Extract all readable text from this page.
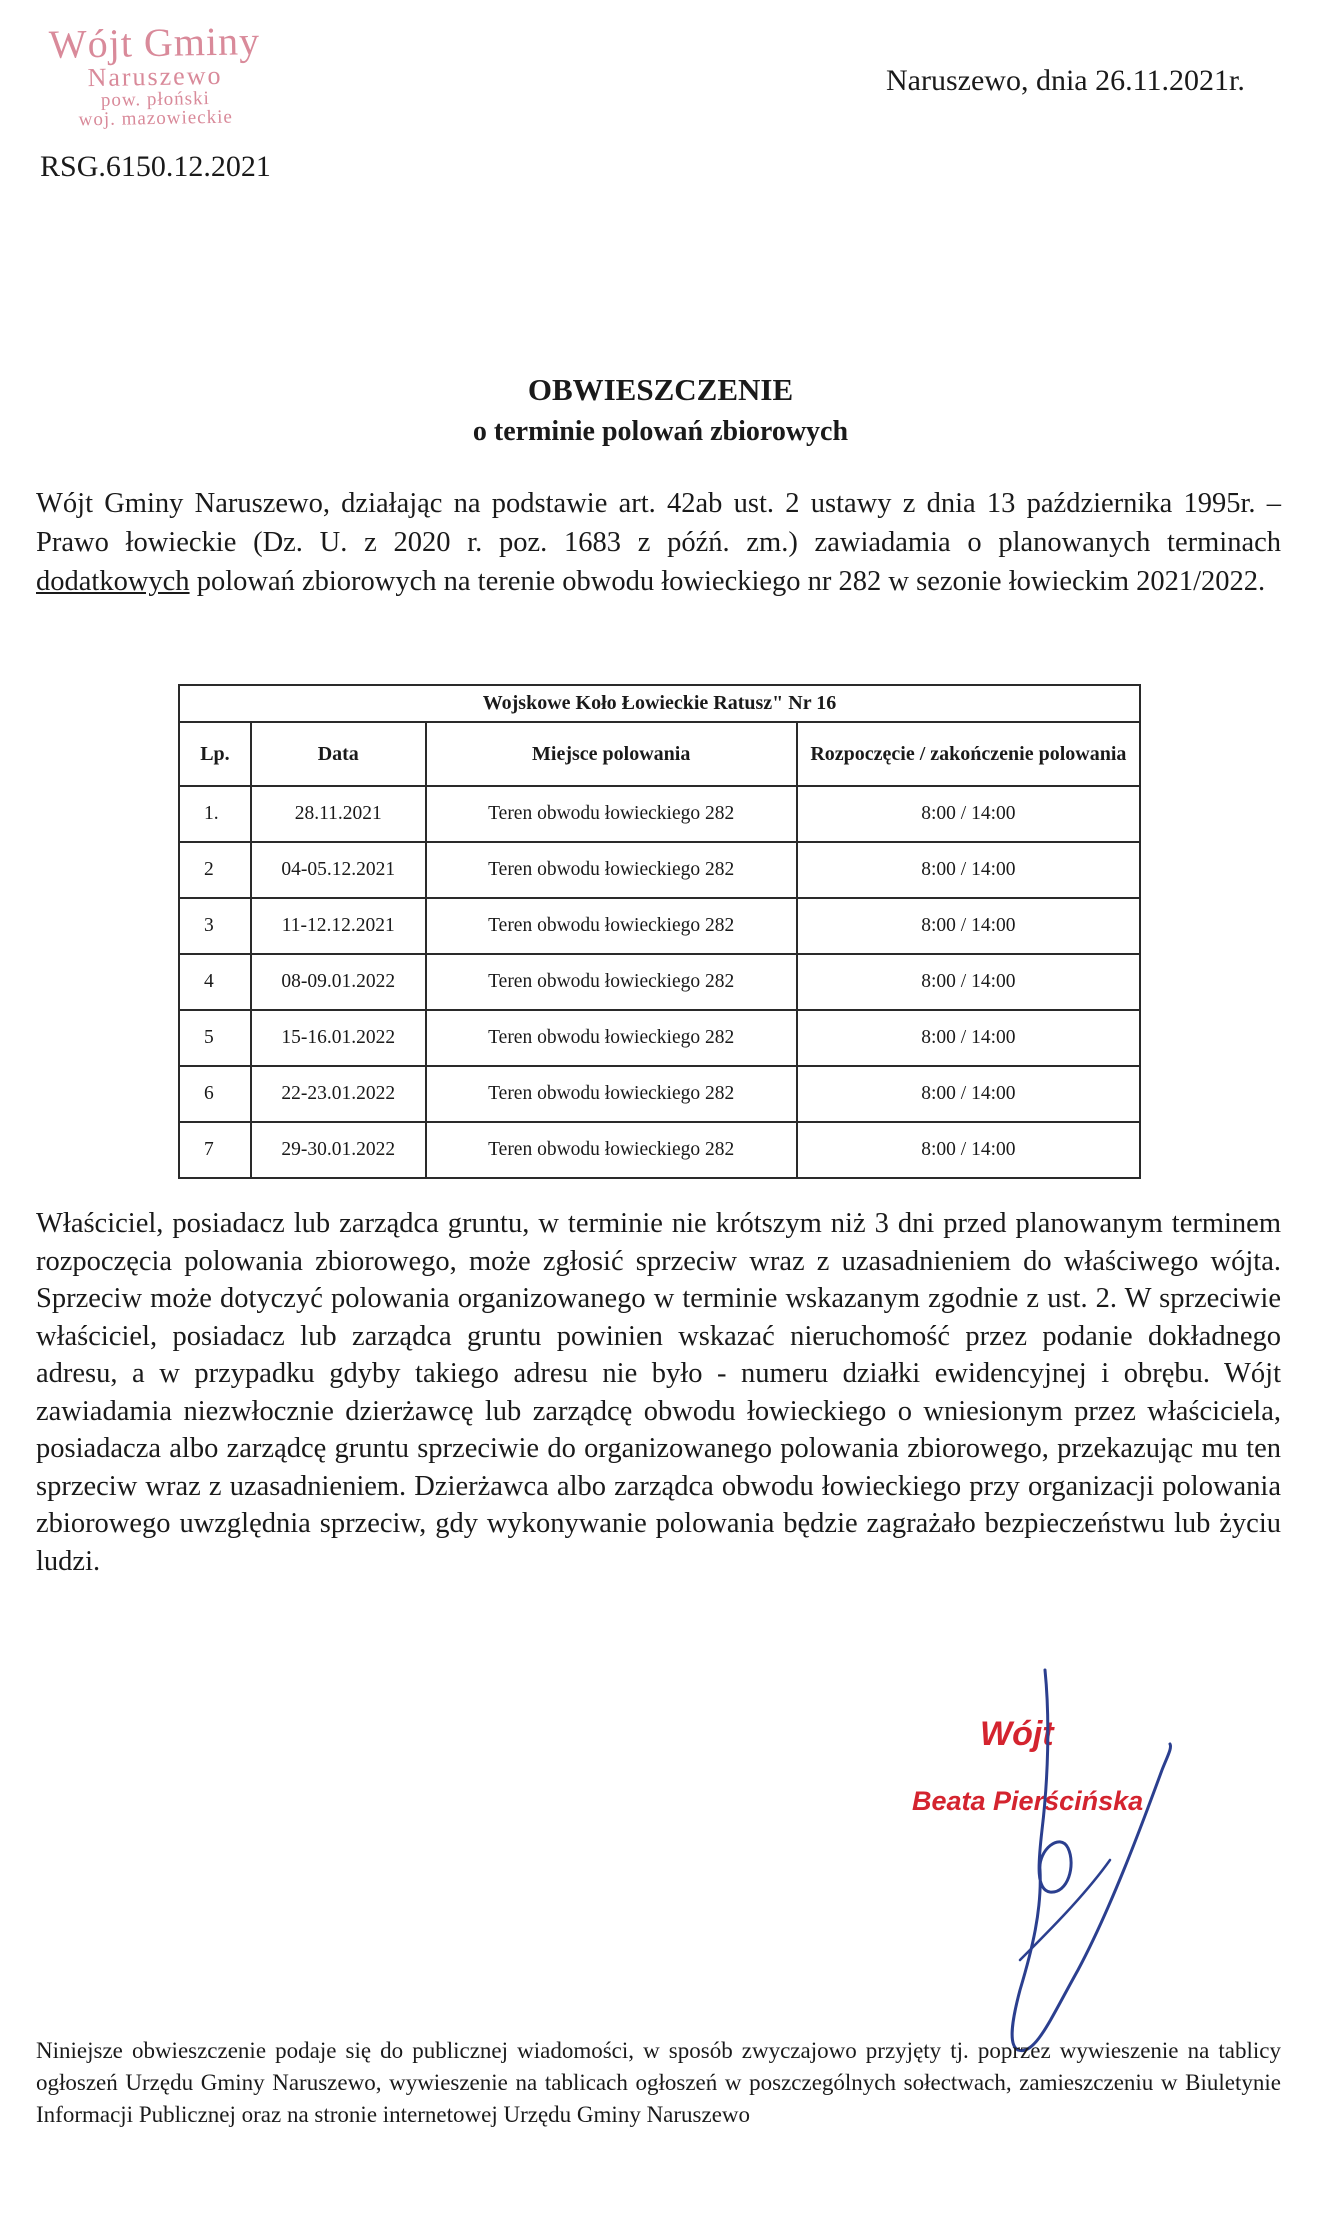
Wójt Gminy
Naruszewo
pow. płoński
woj. mazowieckie
Naruszewo, dnia 26.11.2021r.
RSG.6150.12.2021
OBWIESZCZENIE
o terminie polowań zbiorowych
Wójt Gminy Naruszewo, działając na podstawie art. 42ab ust. 2 ustawy z dnia 13 października 1995r. – Prawo łowieckie (Dz. U. z 2020 r. poz. 1683 z późń. zm.) zawiadamia o planowanych terminach dodatkowych polowań zbiorowych na terenie obwodu łowieckiego nr 282 w sezonie łowieckim 2021/2022.
Wojskowe Koło Łowieckie Ratusz" Nr 16			
Lp.	Data	Miejsce polowania	Rozpoczęcie / zakończenie polowania
1.	28.11.2021	Teren obwodu łowieckiego 282	8:00 / 14:00
2	04-05.12.2021	Teren obwodu łowieckiego 282	8:00 / 14:00
3	11-12.12.2021	Teren obwodu łowieckiego 282	8:00 / 14:00
4	08-09.01.2022	Teren obwodu łowieckiego 282	8:00 / 14:00
5	15-16.01.2022	Teren obwodu łowieckiego 282	8:00 / 14:00
6	22-23.01.2022	Teren obwodu łowieckiego 282	8:00 / 14:00
7	29-30.01.2022	Teren obwodu łowieckiego 282	8:00 / 14:00
Właściciel, posiadacz lub zarządca gruntu, w terminie nie krótszym niż 3 dni przed planowanym terminem rozpoczęcia polowania zbiorowego, może zgłosić sprzeciw wraz z uzasadnieniem do właściwego wójta. Sprzeciw może dotyczyć polowania organizowanego w terminie wskazanym zgodnie z ust. 2. W sprzeciwie właściciel, posiadacz lub zarządca gruntu powinien wskazać nieruchomość przez podanie dokładnego adresu, a w przypadku gdyby takiego adresu nie było - numeru działki ewidencyjnej i obrębu. Wójt zawiadamia niezwłocznie dzierżawcę lub zarządcę obwodu łowieckiego o wniesionym przez właściciela, posiadacza albo zarządcę gruntu sprzeciwie do organizowanego polowania zbiorowego, przekazując mu ten sprzeciw wraz z uzasadnieniem. Dzierżawca albo zarządca obwodu łowieckiego przy organizacji polowania zbiorowego uwzględnia sprzeciw, gdy wykonywanie polowania będzie zagrażało bezpieczeństwu lub życiu ludzi.
Wójt
Beata Pierścińska
Niniejsze obwieszczenie podaje się do publicznej wiadomości, w sposób zwyczajowo przyjęty tj. poprzez wywieszenie na tablicy ogłoszeń Urzędu Gminy Naruszewo, wywieszenie na tablicach ogłoszeń w poszczególnych sołectwach, zamieszczeniu w Biuletynie Informacji Publicznej oraz na stronie internetowej Urzędu Gminy Naruszewo
